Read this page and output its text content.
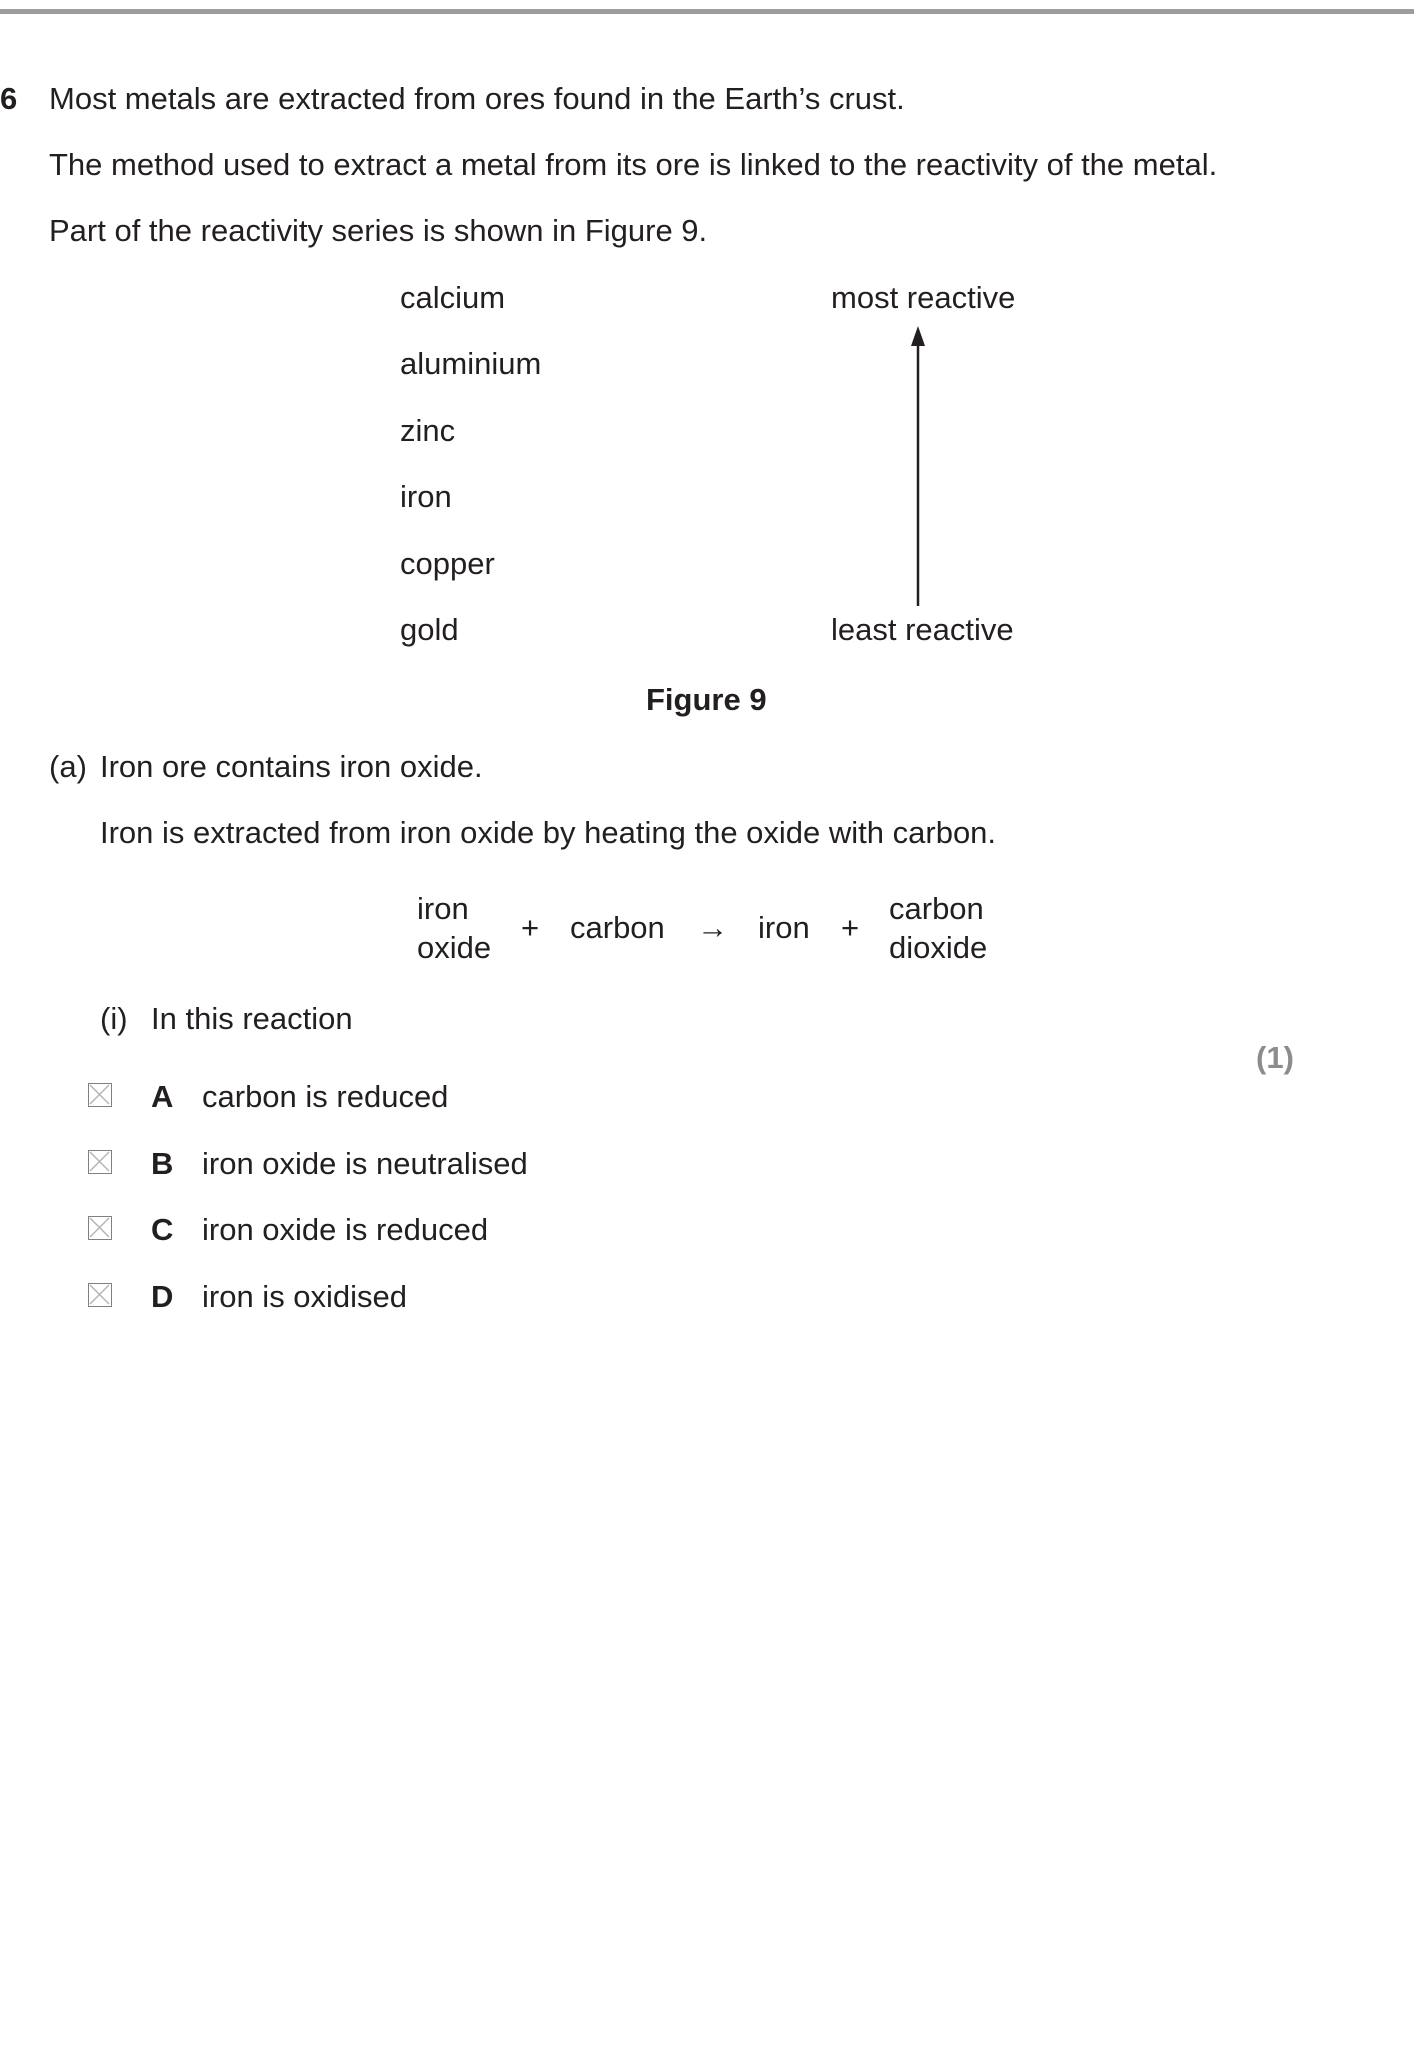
6 Most metals are extracted from ores found in the Earth’s crust.
The method used to extract a metal from its ore is linked to the reactivity of the metal.
Part of the reactivity series is shown in Figure 9.
calcium
aluminium
zinc
iron
copper
gold
most reactive
least reactive
Figure 9
(a) Iron ore contains iron oxide.
Iron is extracted from iron oxide by heating the oxide with carbon.
iron
oxide
+ carbon → iron +
carbon
dioxide
(i) In this reaction
(1)
A carbon is reduced
B iron oxide is neutralised
C iron oxide is reduced
D iron is oxidised
